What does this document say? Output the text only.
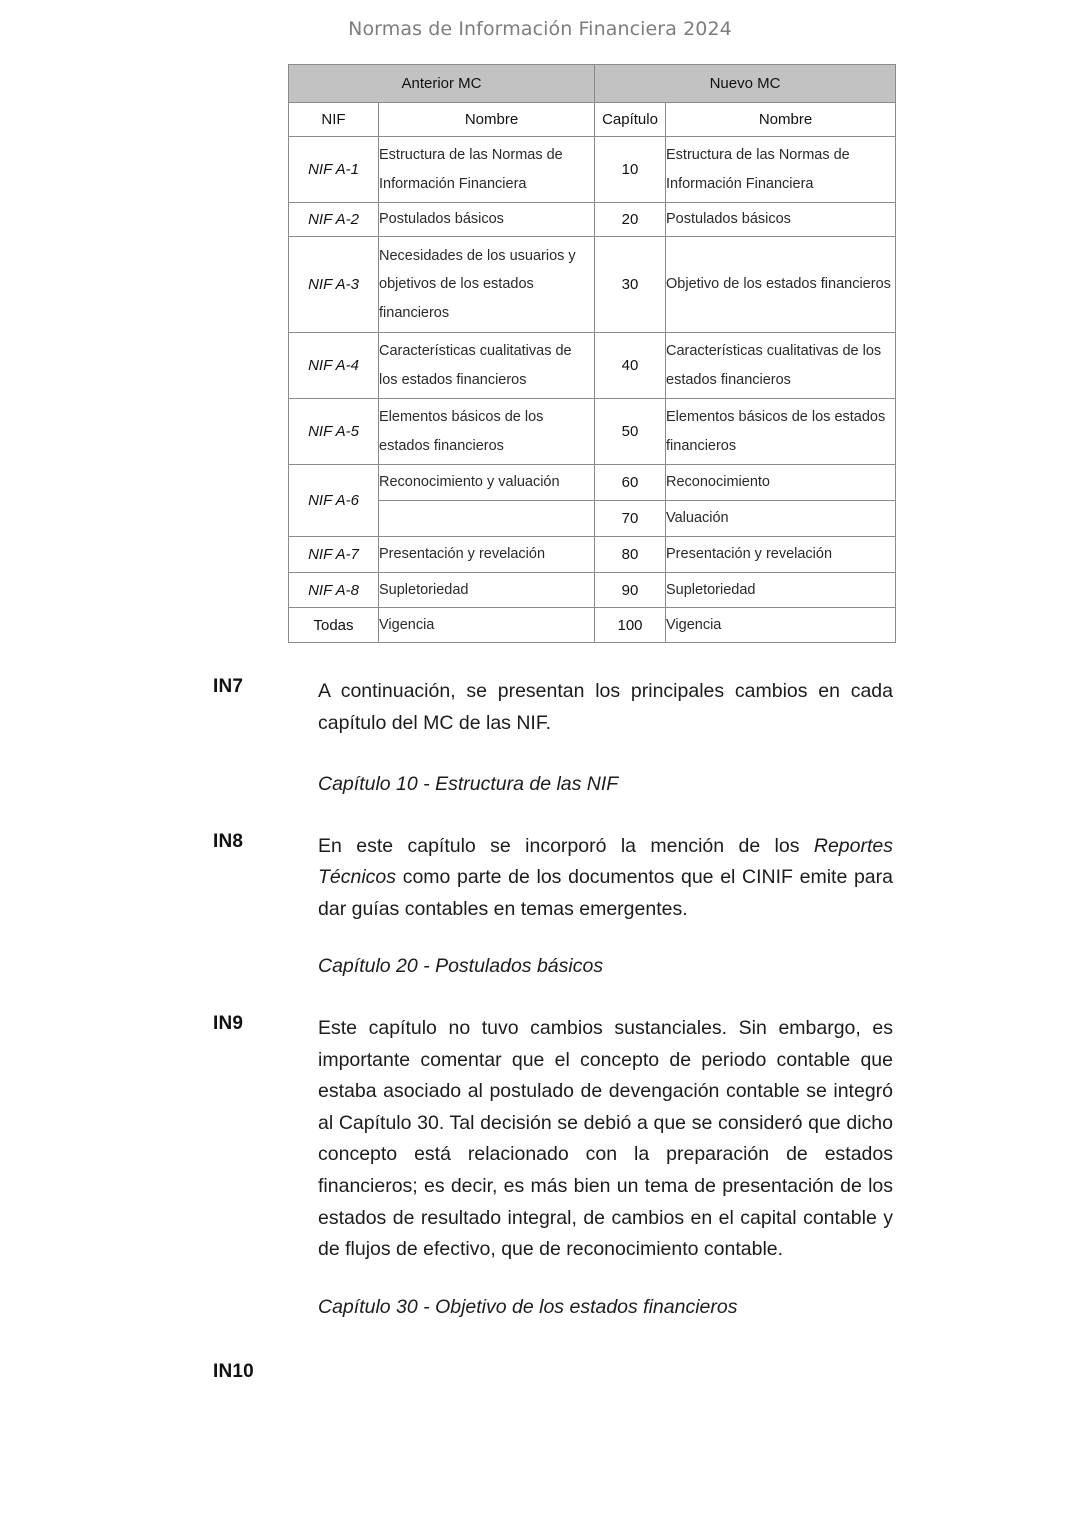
Normas de Información Financiera 2024
Anterior MC		Nuevo MC	
NIF	Nombre	Capítulo	Nombre
NIF A-1	Estructura de las Normas de Información Financiera	10	Estructura de las Normas de Información Financiera
NIF A-2	Postulados básicos	20	Postulados básicos
NIF A-3	Necesidades de los usuarios y objetivos de los estados financieros	30	Objetivo de los estados financieros
NIF A-4	Características cualitativas de los estados financieros	40	Características cualitativas de los estados financieros
NIF A-5	Elementos básicos de los estados financieros	50	Elementos básicos de los estados financieros
NIF A-6	Reconocimiento y valuación	60	Reconocimiento
		70	Valuación
NIF A-7	Presentación y revelación	80	Presentación y revelación
NIF A-8	Supletoriedad	90	Supletoriedad
Todas	Vigencia	100	Vigencia
IN7	A continuación, se presentan los principales cambios en cada capítulo del MC de las NIF.
Capítulo 10 - Estructura de las NIF
IN8	En este capítulo se incorporó la mención de los Reportes Técnicos como parte de los documentos que el CINIF emite para dar guías contables en temas emergentes.
Capítulo 20 - Postulados básicos
IN9	Este capítulo no tuvo cambios sustanciales. Sin embargo, es importante comentar que el concepto de periodo contable que estaba asociado al postulado de devengación contable se integró al Capítulo 30. Tal decisión se debió a que se consideró que dicho concepto está relacionado con la preparación de estados financieros; es decir, es más bien un tema de presentación de los estados de resultado integral, de cambios en el capital contable y de flujos de efectivo, que de reconocimiento contable.
Capítulo 30 - Objetivo de los estados financieros
IN10
